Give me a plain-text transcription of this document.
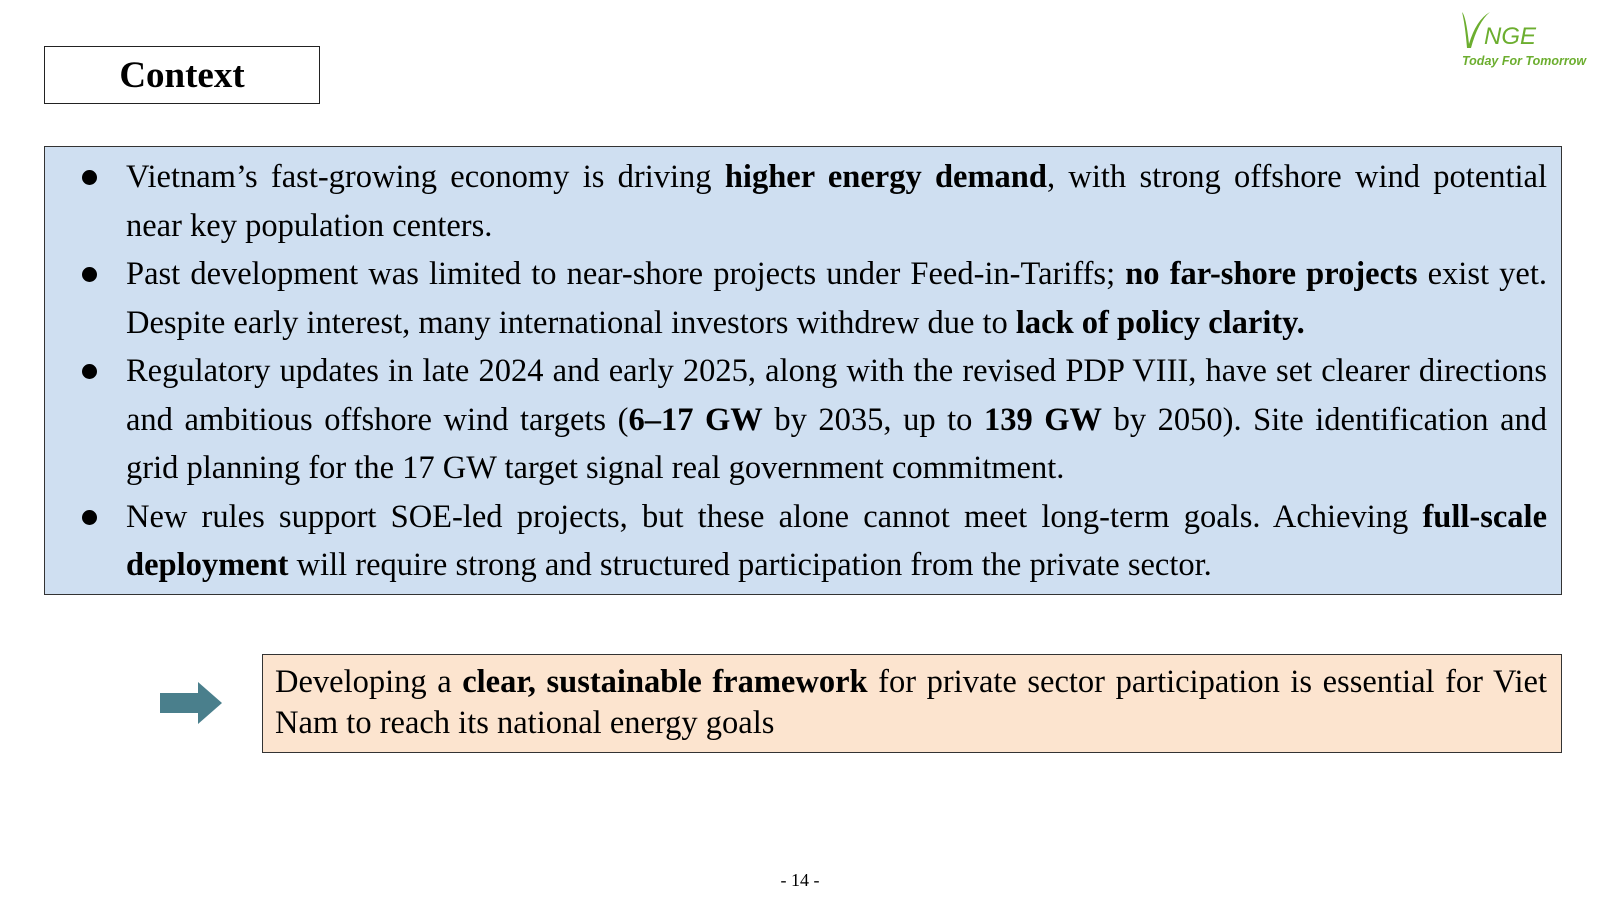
Context
NGE
Today For Tomorrow
Vietnam’s fast-growing economy is driving higher energy demand, with strong offshore wind potential near key population centers.
Past development was limited to near-shore projects under Feed-in-Tariffs; no far-shore projects exist yet. Despite early interest, many international investors withdrew due to lack of policy clarity.
Regulatory updates in late 2024 and early 2025, along with the revised PDP VIII, have set clearer directions and ambitious offshore wind targets (6–17 GW by 2035, up to 139 GW by 2050). Site identification and grid planning for the 17 GW target signal real government commitment.
New rules support SOE-led projects, but these alone cannot meet long-term goals. Achieving full-scale deployment will require strong and structured participation from the private sector.
Developing a clear, sustainable framework for private sector participation is essential for Viet Nam to reach its national energy goals
- 14 -
